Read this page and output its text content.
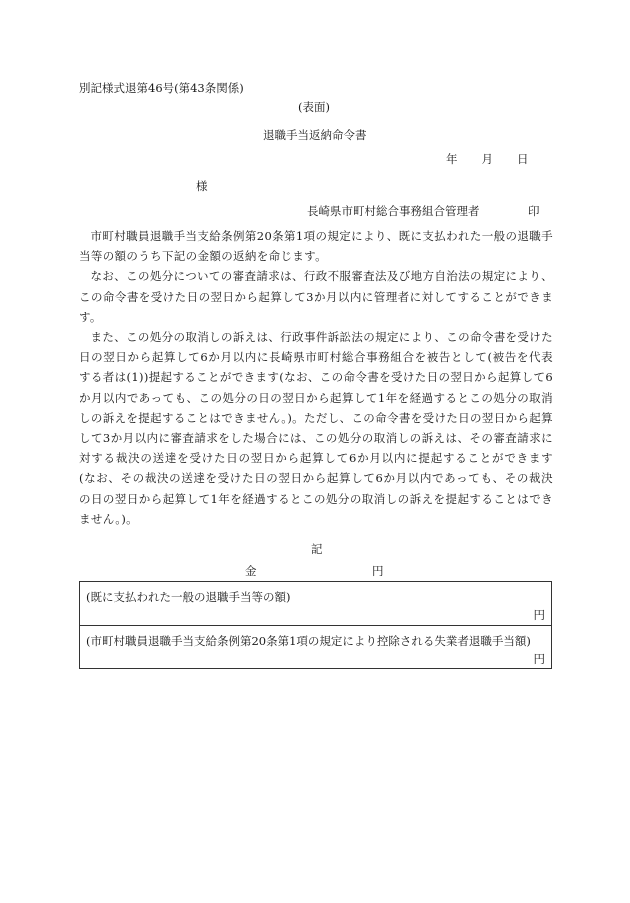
別記様式退第46号(第43条関係)
(表面)
退職手当返納命令書
年 月 日
様
長崎県市町村総合事務組合管理者	印

市町村職員退職手当支給条例第20条第1項の規定により、既に支払われた一般の退職手当等の額のうち下記の金額の返納を命じます。

なお、この処分についての審査請求は、行政不服審査法及び地方自治法の規定により、この命令書を受けた日の翌日から起算して3か月以内に管理者に対してすることができます。

また、この処分の取消しの訴えは、行政事件訴訟法の規定により、この命令書を受けた日の翌日から起算して6か月以内に長崎県市町村総合事務組合を被告として(被告を代表する者は(1))提起することができます(なお、この命令書を受けた日の翌日から起算して6か月以内であっても、この処分の日の翌日から起算して1年を経過するとこの処分の取消しの訴えを提起することはできません。)。ただし、この命令書を受けた日の翌日から起算して3か月以内に審査請求をした場合には、この処分の取消しの訴えは、その審査請求に対する裁決の送達を受けた日の翌日から起算して6か月以内に提起することができます(なお、その裁決の送達を受けた日の翌日から起算して6か月以内であっても、その裁決の日の翌日から起算して1年を経過するとこの処分の取消しの訴えを提起することはできません。)。

記
金	円
(既に支払われた一般の退職手当等の額)
円
(市町村職員退職手当支給条例第20条第1項の規定により控除される失業者退職手当額)
円
